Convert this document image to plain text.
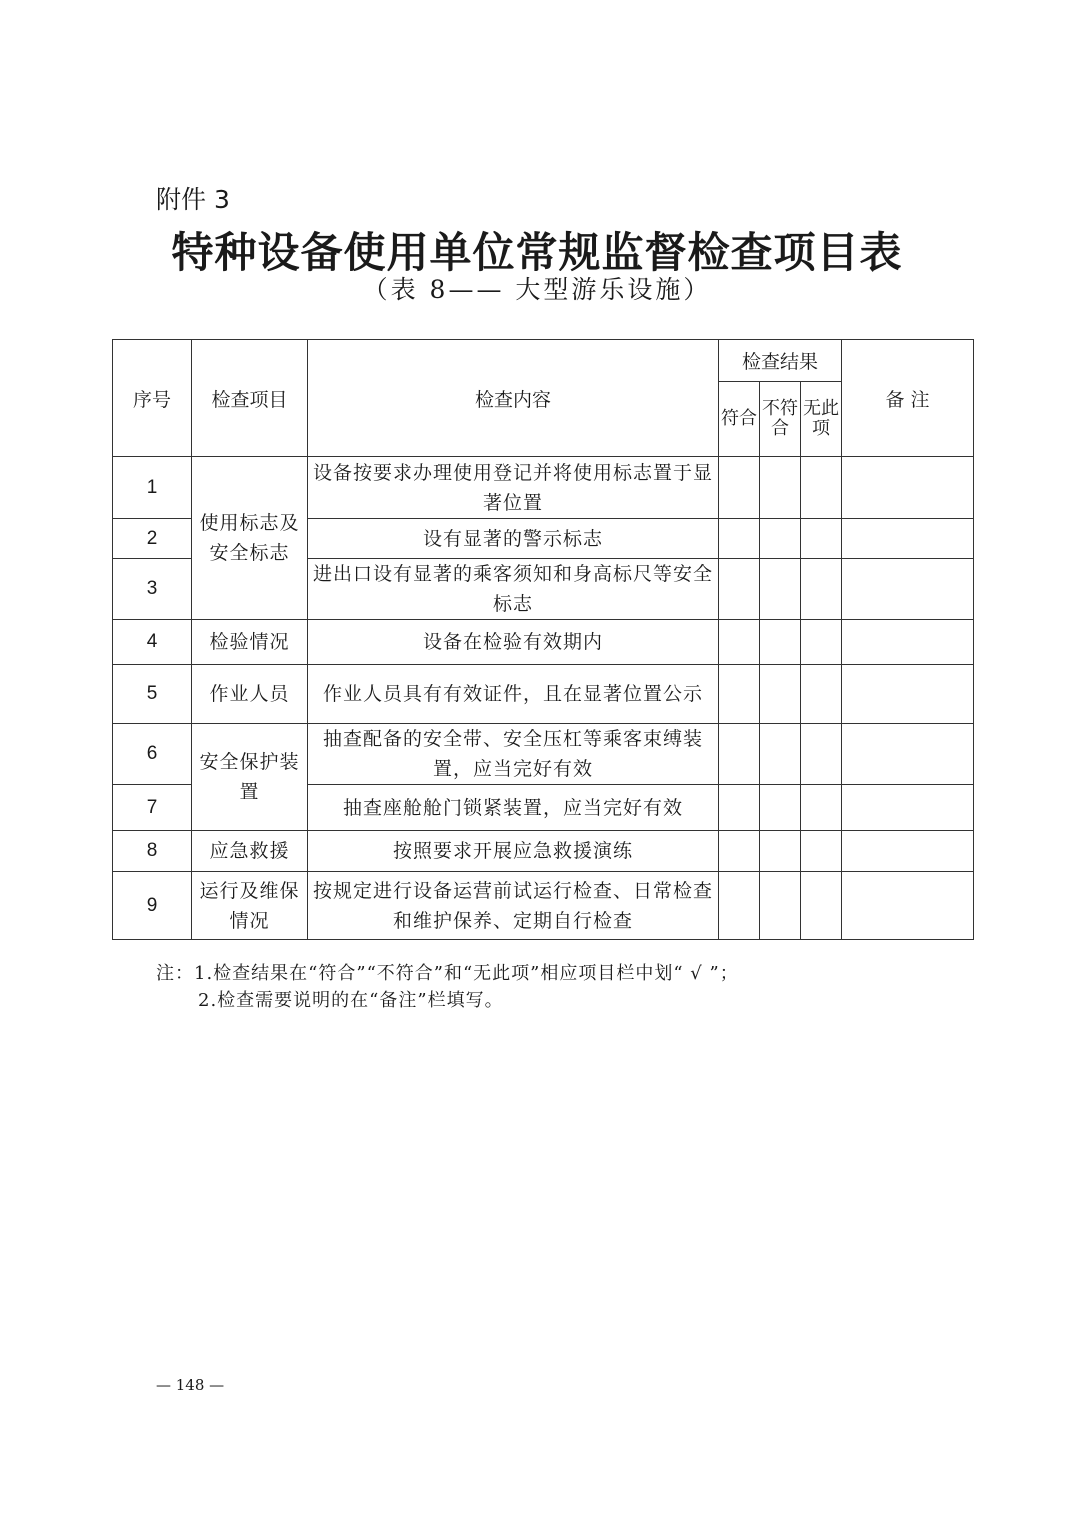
附件 3
特种设备使用单位常规监督检查项目表
（表 8—— 大型游乐设施）
序号	检查项目	检查内容	检查结果			备 注

			符合	不符合	无此项	

1	使用标志及安全标志	设备按要求办理使用登记并将使用标志置于显著位置				
2		设有显著的警示标志				
3		进出口设有显著的乘客须知和身高标尺等安全标志				
4	检验情况	设备在检验有效期内				
5	作业人员	作业人员具有有效证件，且在显著位置公示				
6	安全保护装置	抽查配备的安全带、安全压杠等乘客束缚装置，应当完好有效				
7		抽查座舱舱门锁紧装置，应当完好有效				
8	应急救援	按照要求开展应急救援演练				
9	运行及维保情况	按规定进行设备运营前试运行检查、日常检查和维护保养、定期自行检查				
注：1.检查结果在“符合”“不符合”和“无此项”相应项目栏中划“ √ ”；
2.检查需要说明的在“备注”栏填写。
— 148 —
